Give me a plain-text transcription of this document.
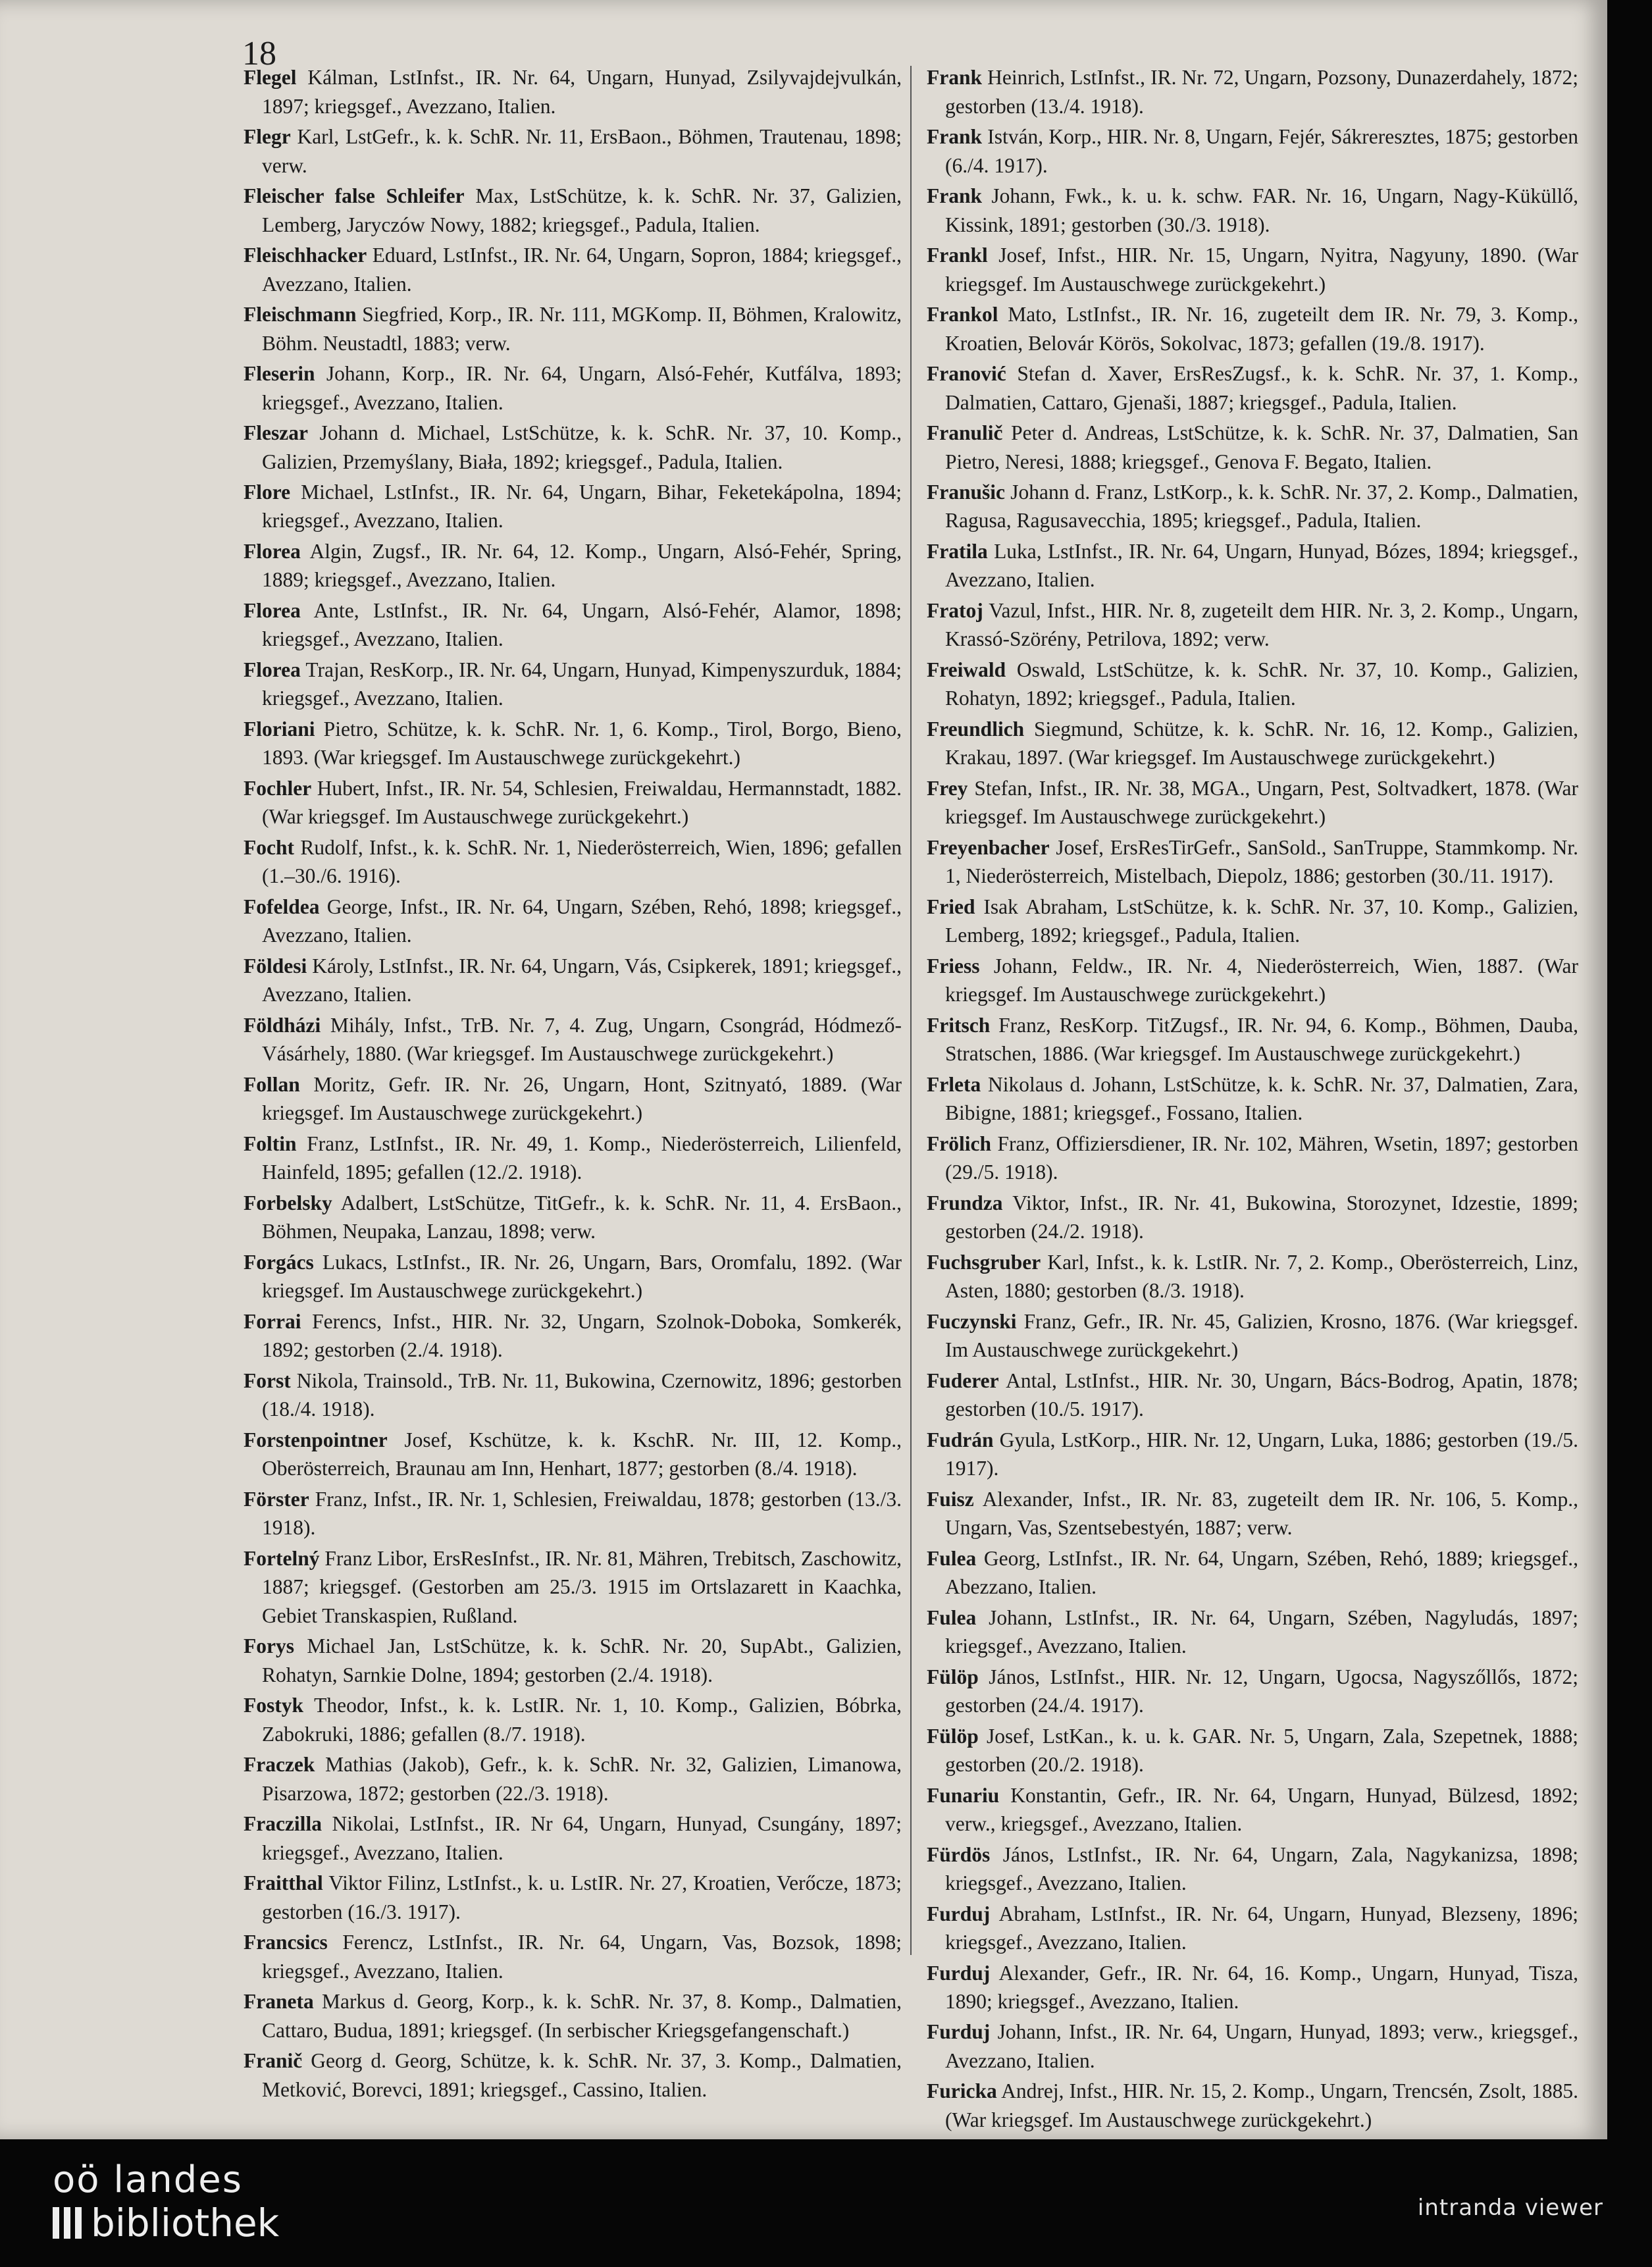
18

Flegel Kálman, LstInfst., IR. Nr. 64, Ungarn, Hunyad, Zsilyvajdejvulkán, 1897; kriegsgef., Avezzano, Italien.

Flegr Karl, LstGefr., k. k. SchR. Nr. 11, ErsBaon., Böhmen, Trautenau, 1898; verw.

Fleischer false Schleifer Max, LstSchütze, k. k. SchR. Nr. 37, Galizien, Lemberg, Jaryczów Nowy, 1882; kriegsgef., Padula, Italien.

Fleischhacker Eduard, LstInfst., IR. Nr. 64, Ungarn, Sopron, 1884; kriegsgef., Avezzano, Italien.

Fleischmann Siegfried, Korp., IR. Nr. 111, MGKomp. II, Böhmen, Kralowitz, Böhm. Neustadtl, 1883; verw.

Fleserin Johann, Korp., IR. Nr. 64, Ungarn, Alsó-Fehér, Kutfálva, 1893; kriegsgef., Avezzano, Italien.

Fleszar Johann d. Michael, LstSchütze, k. k. SchR. Nr. 37, 10. Komp., Galizien, Przemyślany, Biała, 1892; kriegsgef., Padula, Italien.

Flore Michael, LstInfst., IR. Nr. 64, Ungarn, Bihar, Feketekápolna, 1894; kriegsgef., Avezzano, Italien.

Florea Algin, Zugsf., IR. Nr. 64, 12. Komp., Ungarn, Alsó-Fehér, Spring, 1889; kriegsgef., Avezzano, Italien.

Florea Ante, LstInfst., IR. Nr. 64, Ungarn, Alsó-Fehér, Alamor, 1898; kriegsgef., Avezzano, Italien.

Florea Trajan, ResKorp., IR. Nr. 64, Ungarn, Hunyad, Kimpenyszurduk, 1884; kriegsgef., Avezzano, Italien.

Floriani Pietro, Schütze, k. k. SchR. Nr. 1, 6. Komp., Tirol, Borgo, Bieno, 1893. (War kriegsgef. Im Austauschwege zurückgekehrt.)

Fochler Hubert, Infst., IR. Nr. 54, Schlesien, Freiwaldau, Hermannstadt, 1882. (War kriegsgef. Im Austauschwege zurückgekehrt.)

Focht Rudolf, Infst., k. k. SchR. Nr. 1, Niederösterreich, Wien, 1896; gefallen (1.–30./6. 1916).

Fofeldea George, Infst., IR. Nr. 64, Ungarn, Szében, Rehó, 1898; kriegsgef., Avezzano, Italien.

Földesi Károly, LstInfst., IR. Nr. 64, Ungarn, Vás, Csipkerek, 1891; kriegsgef., Avezzano, Italien.

Földházi Mihály, Infst., TrB. Nr. 7, 4. Zug, Ungarn, Csongrád, Hódmező-Vásárhely, 1880. (War kriegsgef. Im Austauschwege zurückgekehrt.)

Follan Moritz, Gefr. IR. Nr. 26, Ungarn, Hont, Szitnyató, 1889. (War kriegsgef. Im Austauschwege zurückgekehrt.)

Foltin Franz, LstInfst., IR. Nr. 49, 1. Komp., Niederösterreich, Lilienfeld, Hainfeld, 1895; gefallen (12./2. 1918).

Forbelsky Adalbert, LstSchütze, TitGefr., k. k. SchR. Nr. 11, 4. ErsBaon., Böhmen, Neupaka, Lanzau, 1898; verw.

Forgács Lukacs, LstInfst., IR. Nr. 26, Ungarn, Bars, Oromfalu, 1892. (War kriegsgef. Im Austauschwege zurückgekehrt.)

Forrai Ferencs, Infst., HIR. Nr. 32, Ungarn, Szolnok-Doboka, Somkerék, 1892; gestorben (2./4. 1918).

Forst Nikola, Trainsold., TrB. Nr. 11, Bukowina, Czernowitz, 1896; gestorben (18./4. 1918).

Forstenpointner Josef, Kschütze, k. k. KschR. Nr. III, 12. Komp., Oberösterreich, Braunau am Inn, Henhart, 1877; gestorben (8./4. 1918).

Förster Franz, Infst., IR. Nr. 1, Schlesien, Freiwaldau, 1878; gestorben (13./3. 1918).

Fortelný Franz Libor, ErsResInfst., IR. Nr. 81, Mähren, Trebitsch, Zaschowitz, 1887; kriegsgef. (Gestorben am 25./3. 1915 im Ortslazarett in Kaachka, Gebiet Transkaspien, Rußland.

Forys Michael Jan, LstSchütze, k. k. SchR. Nr. 20, SupAbt., Galizien, Rohatyn, Sarnkie Dolne, 1894; gestorben (2./4. 1918).

Fostyk Theodor, Infst., k. k. LstIR. Nr. 1, 10. Komp., Galizien, Bóbrka, Zabokruki, 1886; gefallen (8./7. 1918).

Fraczek Mathias (Jakob), Gefr., k. k. SchR. Nr. 32, Galizien, Limanowa, Pisarzowa, 1872; gestorben (22./3. 1918).

Fraczilla Nikolai, LstInfst., IR. Nr 64, Ungarn, Hunyad, Csungány, 1897; kriegsgef., Avezzano, Italien.

Fraitthal Viktor Filinz, LstInfst., k. u. LstIR. Nr. 27, Kroatien, Verőcze, 1873; gestorben (16./3. 1917).

Francsics Ferencz, LstInfst., IR. Nr. 64, Ungarn, Vas, Bozsok, 1898; kriegsgef., Avezzano, Italien.

Franeta Markus d. Georg, Korp., k. k. SchR. Nr. 37, 8. Komp., Dalmatien, Cattaro, Budua, 1891; kriegsgef. (In serbischer Kriegsgefangenschaft.)

Franič Georg d. Georg, Schütze, k. k. SchR. Nr. 37, 3. Komp., Dalmatien, Metković, Borevci, 1891; kriegsgef., Cassino, Italien.

Frank Heinrich, LstInfst., IR. Nr. 72, Ungarn, Pozsony, Dunazerdahely, 1872; gestorben (13./4. 1918).

Frank István, Korp., HIR. Nr. 8, Ungarn, Fejér, Sákreresztes, 1875; gestorben (6./4. 1917).

Frank Johann, Fwk., k. u. k. schw. FAR. Nr. 16, Ungarn, Nagy-Küküllő, Kissink, 1891; gestorben (30./3. 1918).

Frankl Josef, Infst., HIR. Nr. 15, Ungarn, Nyitra, Nagyuny, 1890. (War kriegsgef. Im Austauschwege zurückgekehrt.)

Frankol Mato, LstInfst., IR. Nr. 16, zugeteilt dem IR. Nr. 79, 3. Komp., Kroatien, Belovár Körös, Sokolvac, 1873; gefallen (19./8. 1917).

Franović Stefan d. Xaver, ErsResZugsf., k. k. SchR. Nr. 37, 1. Komp., Dalmatien, Cattaro, Gjenaši, 1887; kriegsgef., Padula, Italien.

Franulič Peter d. Andreas, LstSchütze, k. k. SchR. Nr. 37, Dalmatien, San Pietro, Neresi, 1888; kriegsgef., Genova F. Begato, Italien.

Franušic Johann d. Franz, LstKorp., k. k. SchR. Nr. 37, 2. Komp., Dalmatien, Ragusa, Ragusavecchia, 1895; kriegsgef., Padula, Italien.

Fratila Luka, LstInfst., IR. Nr. 64, Ungarn, Hunyad, Bózes, 1894; kriegsgef., Avezzano, Italien.

Fratoj Vazul, Infst., HIR. Nr. 8, zugeteilt dem HIR. Nr. 3, 2. Komp., Ungarn, Krassó-Szörény, Petrilova, 1892; verw.

Freiwald Oswald, LstSchütze, k. k. SchR. Nr. 37, 10. Komp., Galizien, Rohatyn, 1892; kriegsgef., Padula, Italien.

Freundlich Siegmund, Schütze, k. k. SchR. Nr. 16, 12. Komp., Galizien, Krakau, 1897. (War kriegsgef. Im Austauschwege zurückgekehrt.)

Frey Stefan, Infst., IR. Nr. 38, MGA., Ungarn, Pest, Soltvadkert, 1878. (War kriegsgef. Im Austauschwege zurückgekehrt.)

Freyenbacher Josef, ErsResTirGefr., SanSold., SanTruppe, Stammkomp. Nr. 1, Niederösterreich, Mistelbach, Diepolz, 1886; gestorben (30./11. 1917).

Fried Isak Abraham, LstSchütze, k. k. SchR. Nr. 37, 10. Komp., Galizien, Lemberg, 1892; kriegsgef., Padula, Italien.

Friess Johann, Feldw., IR. Nr. 4, Niederösterreich, Wien, 1887. (War kriegsgef. Im Austauschwege zurückgekehrt.)

Fritsch Franz, ResKorp. TitZugsf., IR. Nr. 94, 6. Komp., Böhmen, Dauba, Stratschen, 1886. (War kriegsgef. Im Austauschwege zurückgekehrt.)

Frleta Nikolaus d. Johann, LstSchütze, k. k. SchR. Nr. 37, Dalmatien, Zara, Bibigne, 1881; kriegsgef., Fossano, Italien.

Frölich Franz, Offiziersdiener, IR. Nr. 102, Mähren, Wsetin, 1897; gestorben (29./5. 1918).

Frundza Viktor, Infst., IR. Nr. 41, Bukowina, Storozynet, Idzestie, 1899; gestorben (24./2. 1918).

Fuchsgruber Karl, Infst., k. k. LstIR. Nr. 7, 2. Komp., Oberösterreich, Linz, Asten, 1880; gestorben (8./3. 1918).

Fuczynski Franz, Gefr., IR. Nr. 45, Galizien, Krosno, 1876. (War kriegsgef. Im Austauschwege zurückgekehrt.)

Fuderer Antal, LstInfst., HIR. Nr. 30, Ungarn, Bács-Bodrog, Apatin, 1878; gestorben (10./5. 1917).

Fudrán Gyula, LstKorp., HIR. Nr. 12, Ungarn, Luka, 1886; gestorben (19./5. 1917).

Fuisz Alexander, Infst., IR. Nr. 83, zugeteilt dem IR. Nr. 106, 5. Komp., Ungarn, Vas, Szentsebestyén, 1887; verw.

Fulea Georg, LstInfst., IR. Nr. 64, Ungarn, Szében, Rehó, 1889; kriegsgef., Abezzano, Italien.

Fulea Johann, LstInfst., IR. Nr. 64, Ungarn, Szében, Nagyludás, 1897; kriegsgef., Avezzano, Italien.

Fülöp János, LstInfst., HIR. Nr. 12, Ungarn, Ugocsa, Nagyszőllős, 1872; gestorben (24./4. 1917).

Fülöp Josef, LstKan., k. u. k. GAR. Nr. 5, Ungarn, Zala, Szepetnek, 1888; gestorben (20./2. 1918).

Funariu Konstantin, Gefr., IR. Nr. 64, Ungarn, Hunyad, Bülzesd, 1892; verw., kriegsgef., Avezzano, Italien.

Fürdös János, LstInfst., IR. Nr. 64, Ungarn, Zala, Nagykanizsa, 1898; kriegsgef., Avezzano, Italien.

Furduj Abraham, LstInfst., IR. Nr. 64, Ungarn, Hunyad, Blezseny, 1896; kriegsgef., Avezzano, Italien.

Furduj Alexander, Gefr., IR. Nr. 64, 16. Komp., Ungarn, Hunyad, Tisza, 1890; kriegsgef., Avezzano, Italien.

Furduj Johann, Infst., IR. Nr. 64, Ungarn, Hunyad, 1893; verw., kriegsgef., Avezzano, Italien.

Furicka Andrej, Infst., HIR. Nr. 15, 2. Komp., Ungarn, Trencsén, Zsolt, 1885. (War kriegsgef. Im Austauschwege zurückgekehrt.)

oö landes
bibliothek	intranda viewer
